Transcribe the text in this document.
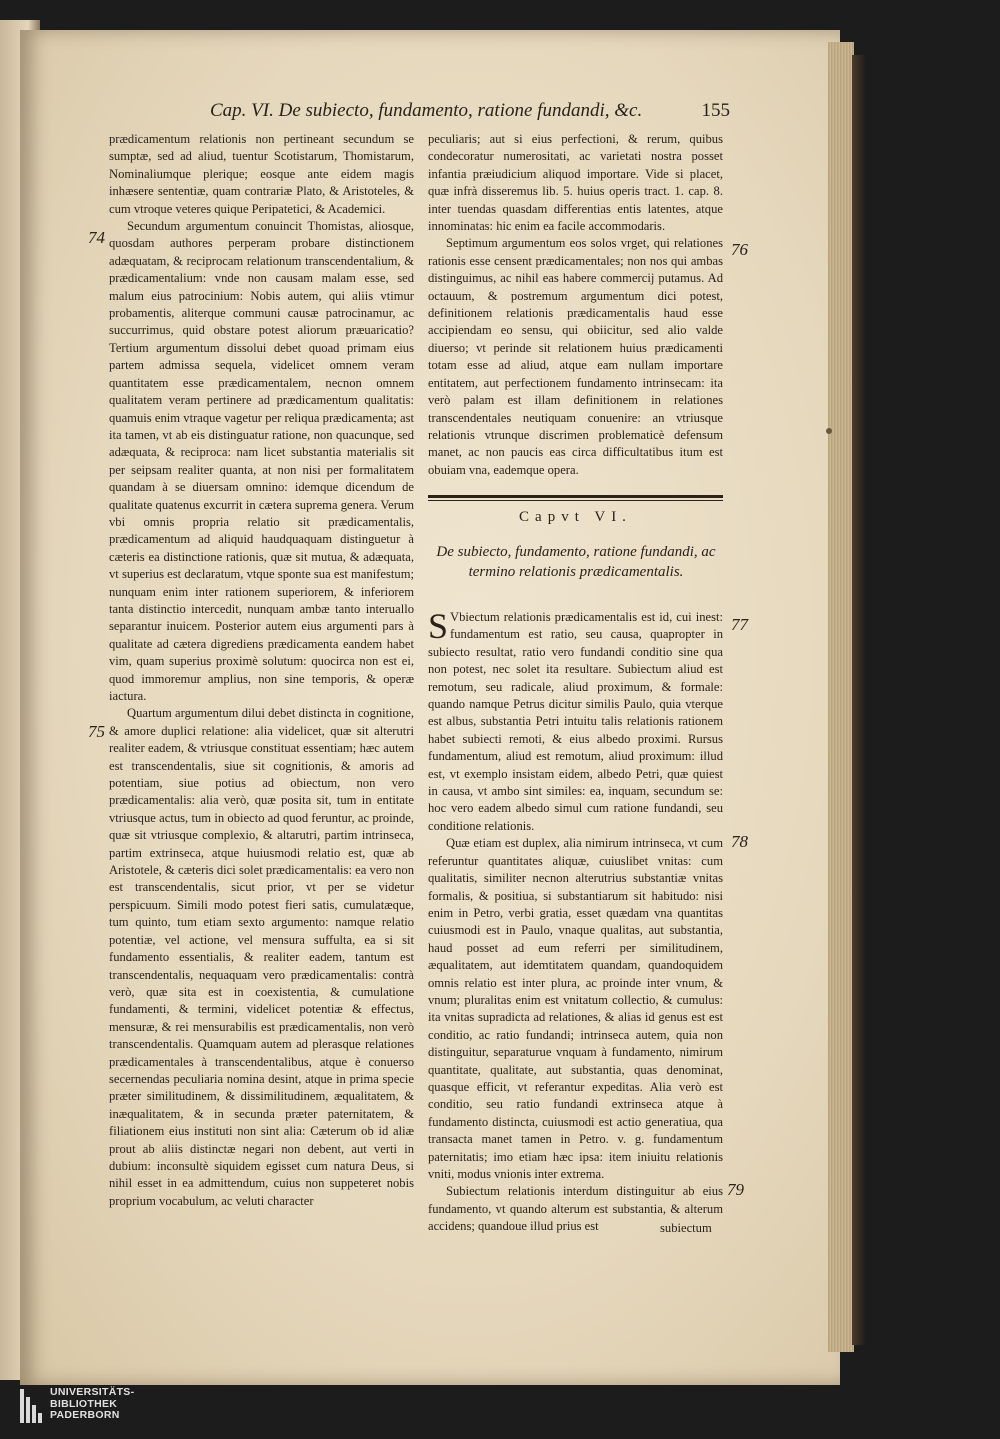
Cap. VI. De subiecto, fundamento, ratione fundandi, &c.	155

prædicamentum relationis non pertineant secundum se sumptæ, sed ad aliud, tuentur Scotistarum, Thomistarum, Nominaliumque plerique; eosque ante eidem magis inhæsere sententiæ, quam contrariæ Plato, & Aristoteles, & cum vtroque veteres quique Peripatetici, & Academici.

Secundum argumentum conuincit Thomistas, aliosque, quosdam authores perperam probare distinctionem adæquatam, & reciprocam relationum transcendentalium, & prædicamentalium: vnde non causam malam esse, sed malum eius patrocinium: Nobis autem, qui aliis vtimur probamentis, aliterque communi causæ patrocinamur, ac succurrimus, quid obstare potest aliorum præuaricatio? Tertium argumentum dissolui debet quoad primam eius partem admissa sequela, videlicet omnem veram quantitatem esse prædicamentalem, necnon omnem qualitatem veram pertinere ad prædicamentum qualitatis: quamuis enim vtraque vagetur per reliqua prædicamenta; ast ita tamen, vt ab eis distinguatur ratione, non quacunque, sed adæquata, & reciproca: nam licet substantia materialis sit per seipsam realiter quanta, at non nisi per formalitatem quandam à se diuersam omnino: idemque dicendum de qualitate quatenus excurrit in cætera suprema genera. Verum vbi omnis propria relatio sit prædicamentalis, prædicamentum ad aliquid haudquaquam distinguetur à cæteris ea distinctione rationis, quæ sit mutua, & adæquata, vt superius est declaratum, vtque sponte sua est manifestum; nunquam enim inter rationem superiorem, & inferiorem tanta distinctio intercedit, nunquam ambæ tanto interuallo separantur inuicem. Posterior autem eius argumenti pars à qualitate ad cætera digrediens prædicamenta eandem habet vim, quam superius proximè solutum: quocirca non est ei, quod immoremur amplius, non sine temporis, & operæ iactura.

Quartum argumentum dilui debet distincta in cognitione, & amore duplici relatione: alia videlicet, quæ sit alterutri realiter eadem, & vtriusque constituat essentiam; hæc autem est transcendentalis, siue sit cognitionis, & amoris ad potentiam, siue potius ad obiectum, non vero prædicamentalis: alia verò, quæ posita sit, tum in entitate vtriusque actus, tum in obiecto ad quod feruntur, ac proinde, quæ sit vtriusque complexio, & altarutri, partim intrinseca, partim extrinseca, atque huiusmodi relatio est, quæ ab Aristotele, & cæteris dici solet prædicamentalis: ea vero non est transcendentalis, sicut prior, vt per se videtur perspicuum. Simili modo potest fieri satis, cumulatæque, tum quinto, tum etiam sexto argumento: namque relatio potentiæ, vel actione, vel mensura suffulta, ea si sit fundamento essentialis, & realiter eadem, tantum est transcendentalis, nequaquam vero prædicamentalis: contrà verò, quæ sita est in coexistentia, & cumulatione fundamenti, & termini, videlicet potentiæ & effectus, mensuræ, & rei mensurabilis est prædicamentalis, non verò transcendentalis. Quamquam autem ad plerasque relationes prædicamentales à transcendentalibus, atque è conuerso secernendas peculiaria nomina desint, atque in prima specie præter similitudinem, & dissimilitudinem, æqualitatem, & inæqualitatem, & in secunda præter paternitatem, & filiationem eius instituti non sint alia: Cæterum ob id aliæ prout ab aliis distinctæ negari non debent, aut verti in dubium: inconsultè siquidem egisset cum natura Deus, si nihil esset in ea admittendum, cuius non suppeteret nobis proprium vocabulum, ac veluti character

peculiaris; aut si eius perfectioni, & rerum, quibus condecoratur numerositati, ac varietati nostra posset infantia præiudicium aliquod importare. Vide si placet, quæ infrà disseremus lib. 5. huius operis tract. 1. cap. 8. inter tuendas quasdam differentias entis latentes, atque innominatas: hic enim ea facile accommodaris.

Septimum argumentum eos solos vrget, qui relationes rationis esse censent prædicamentales; non nos qui ambas distinguimus, ac nihil eas habere commercij putamus. Ad octauum, & postremum argumentum dici potest, definitionem relationis prædicamentalis haud esse accipiendam eo sensu, qui obiicitur, sed alio valde diuerso; vt perinde sit relationem huius prædicamenti totam esse ad aliud, atque eam nullam importare entitatem, aut perfectionem fundamento intrinsecam: ita verò palam est illam definitionem in relationes transcendentales neutiquam conuenire: an vtriusque relationis vtrunque discrimen problematicè defensum manet, ac non paucis eas circa difficultatibus itum est obuiam vna, eademque opera.

Capvt VI.
De subiecto, fundamento, ratione fundandi, ac termino relationis prædicamentalis.

S Vbiectum relationis prædicamentalis est id, cui inest: fundamentum est ratio, seu causa, quapropter in subiecto resultat, ratio vero fundandi conditio sine qua non potest, nec solet ita resultare. Subiectum aliud est remotum, seu radicale, aliud proximum, & formale: quando namque Petrus dicitur similis Paulo, quia vterque est albus, substantia Petri intuitu talis relationis rationem habet subiecti remoti, & eius albedo proximi. Rursus fundamentum, aliud est remotum, aliud proximum: illud est, vt exemplo insistam eidem, albedo Petri, quæ quiest in causa, vt ambo sint similes: ea, inquam, secundum se: hoc vero eadem albedo simul cum ratione fundandi, seu conditione relationis.

Quæ etiam est duplex, alia nimirum intrinseca, vt cum referuntur quantitates aliquæ, cuiuslibet vnitas: cum qualitatis, similiter necnon alterutrius substantiæ vnitas formalis, & positiua, si substantiarum sit habitudo: nisi enim in Petro, verbi gratia, esset quædam vna quantitas cuiusmodi est in Paulo, vnaque qualitas, aut substantia, haud posset ad eum referri per similitudinem, æqualitatem, aut idemtitatem quandam, quandoquidem omnis relatio est inter plura, ac proinde inter vnum, & vnum; pluralitas enim est vnitatum collectio, & cumulus: ita vnitas supradicta ad relationes, & alias id genus est est conditio, ac ratio fundandi; intrinseca autem, quia non distinguitur, separaturue vnquam à fundamento, nimirum quantitate, qualitate, aut substantia, quas denominat, quasque efficit, vt referantur expeditas. Alia verò est conditio, seu ratio fundandi extrinseca atque à fundamento distincta, cuiusmodi est actio generatiua, qua transacta manet tamen in Petro. v. g. fundamentum paternitatis; imo etiam hæc ipsa: item iniuitu relationis vniti, modus vnionis inter extrema.

Subiectum relationis interdum distinguitur ab eius fundamento, vt quando alterum est substantia, & alterum accidens; quandoue illud prius est	subiectum
74
75
76
77
78
79
UNIVERSITÄTS-
BIBLIOTHEK
PADERBORN
